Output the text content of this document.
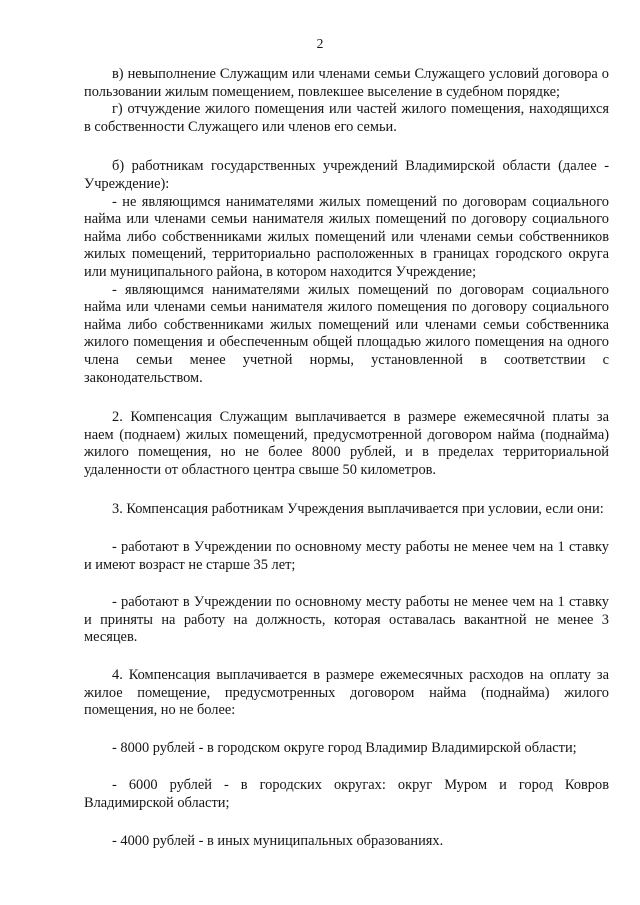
2

в) невыполнение Служащим или членами семьи Служащего условий договора о пользовании жилым помещением, повлекшее выселение в судебном порядке;

г) отчуждение жилого помещения или частей жилого помещения, находящихся в собственности Служащего или членов его семьи.

б) работникам государственных учреждений Владимирской области (далее - Учреждение):

- не являющимся нанимателями жилых помещений по договорам социального найма или членами семьи нанимателя жилых помещений по договору социального найма либо собственниками жилых помещений или членами семьи собственников жилых помещений, территориально расположенных в границах городского округа или муниципального района, в котором находится Учреждение;

- являющимся нанимателями жилых помещений по договорам социального найма или членами семьи нанимателя жилого помещения по договору социального найма либо собственниками жилых помещений или членами семьи собственника жилого помещения и обеспеченным общей площадью жилого помещения на одного члена семьи менее учетной нормы, установленной в соответствии с законодательством.

2. Компенсация Служащим выплачивается в размере ежемесячной платы за наем (поднаем) жилых помещений, предусмотренной договором найма (поднайма) жилого помещения, но не более 8000 рублей, и в пределах территориальной удаленности от областного центра свыше 50 километров.

3. Компенсация работникам Учреждения выплачивается при условии, если они:

- работают в Учреждении по основному месту работы не менее чем на 1 ставку и имеют возраст не старше 35 лет;

- работают в Учреждении по основному месту работы не менее чем на 1 ставку и приняты на работу на должность, которая оставалась вакантной не менее 3 месяцев.

4. Компенсация выплачивается в размере ежемесячных расходов на оплату за жилое помещение, предусмотренных договором найма (поднайма) жилого помещения, но не более:

- 8000 рублей - в городском округе город Владимир Владимирской области;

- 6000 рублей - в городских округах: округ Муром и город Ковров Владимирской области;

- 4000 рублей - в иных муниципальных образованиях.
